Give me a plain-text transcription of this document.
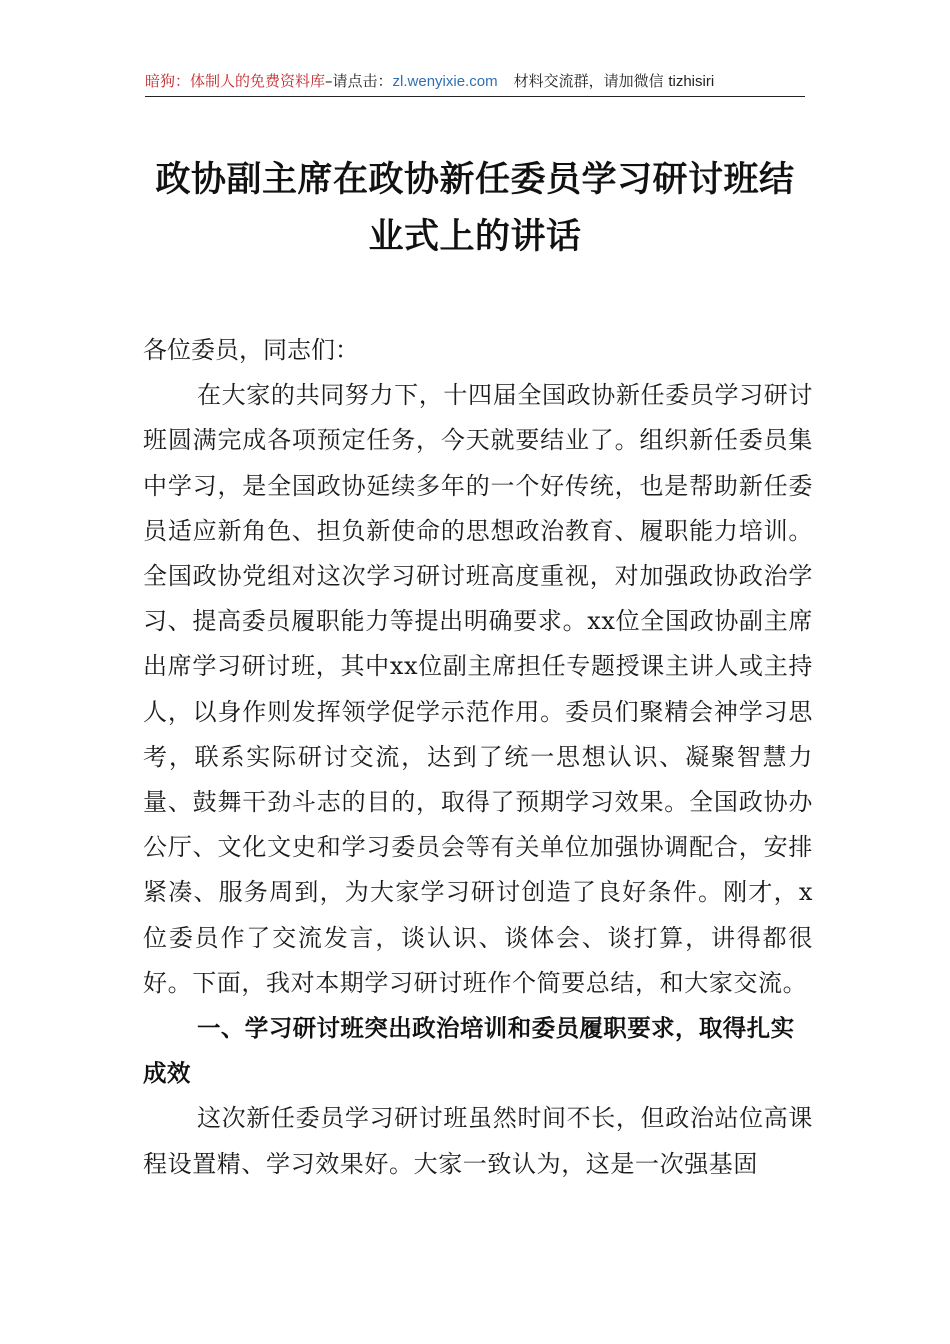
暗狗：体制人的免费资料库–请点击：zl.wenyixie.com 材料交流群，请加微信 tizhisiri
政协副主席在政协新任委员学习研讨班结
业式上的讲话

各位委员，同志们：

在大家的共同努力下，十四届全国政协新任委员学习研讨班圆满完成各项预定任务，今天就要结业了。组织新任委员集中学习，是全国政协延续多年的一个好传统，也是帮助新任委员适应新角色、担负新使命的思想政治教育、履职能力培训。全国政协党组对这次学习研讨班高度重视，对加强政协政治学习、提高委员履职能力等提出明确要求。xx位全国政协副主席出席学习研讨班，其中xx位副主席担任专题授课主讲人或主持人，以身作则发挥领学促学示范作用。委员们聚精会神学习思考，联系实际研讨交流，达到了统一思想认识、凝聚智慧力量、鼓舞干劲斗志的目的，取得了预期学习效果。全国政协办公厅、文化文史和学习委员会等有关单位加强协调配合，安排紧凑、服务周到，为大家学习研讨创造了良好条件。刚才，x位委员作了交流发言，谈认识、谈体会、谈打算，讲得都很好。下面，我对本期学习研讨班作个简要总结，和大家交流。

一、学习研讨班突出政治培训和委员履职要求，取得扎实成效

这次新任委员学习研讨班虽然时间不长，但政治站位高课程设置精、学习效果好。大家一致认为，这是一次强基固
